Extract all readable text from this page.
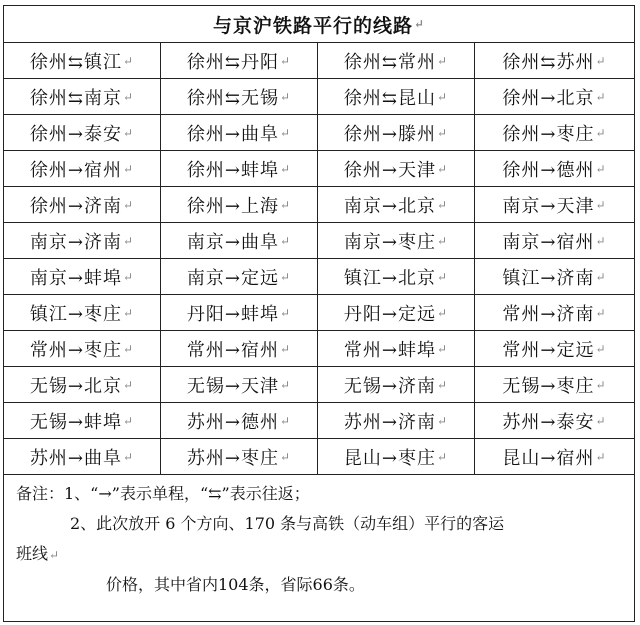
与京沪铁路平行的线路 ↵
徐州⇆镇江 ↵	徐州⇆丹阳 ↵	徐州⇆常州 ↵	徐州⇆苏州 ↵
徐州⇆南京 ↵	徐州⇆无锡 ↵	徐州⇆昆山 ↵	徐州→北京 ↵
徐州→泰安 ↵	徐州→曲阜 ↵	徐州→滕州 ↵	徐州→枣庄 ↵
徐州→宿州 ↵	徐州→蚌埠 ↵	徐州→天津 ↵	徐州→德州 ↵
徐州→济南 ↵	徐州→上海 ↵	南京→北京 ↵	南京→天津 ↵
南京→济南 ↵	南京→曲阜 ↵	南京→枣庄 ↵	南京→宿州 ↵
南京→蚌埠 ↵	南京→定远 ↵	镇江→北京 ↵	镇江→济南 ↵
镇江→枣庄 ↵	丹阳→蚌埠 ↵	丹阳→定远 ↵	常州→济南 ↵
常州→枣庄 ↵	常州→宿州 ↵	常州→蚌埠 ↵	常州→定远 ↵
无锡→北京 ↵	无锡→天津 ↵	无锡→济南 ↵	无锡→枣庄 ↵
无锡→蚌埠 ↵	苏州→德州 ↵	苏州→济南 ↵	苏州→泰安 ↵
苏州→曲阜 ↵	苏州→枣庄 ↵	昆山→枣庄 ↵	昆山→宿州 ↵
备注：1、“→”表示单程，“⇆”表示往返；
2、此次放开 6 个方向、170 条与高铁（动车组）平行的客运
班线↵
价格，其中省内104条，省际66条。
